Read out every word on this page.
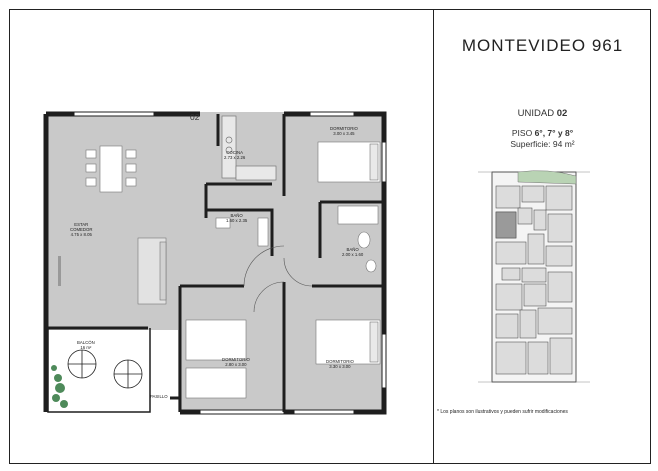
MONTEVIDEO 961
UNIDAD 02
PISO 6°, 7° y 8°
Superficie: 94 m²
* Los planos son ilustrativos y pueden sufrir modificaciones
02
ESTAR
COMEDOR
4.75 x 8.05
COCINA
2.73 x 2.26
DORMITORIO
3.00 x 3.45
BAÑO
1.60 x 2.35
BAÑO
2.00 x 1.60
DORMITORIO
2.80 x 3.00
DORMITORIO
3.30 x 3.00
BALCÓN
16 m²
PASILLO
